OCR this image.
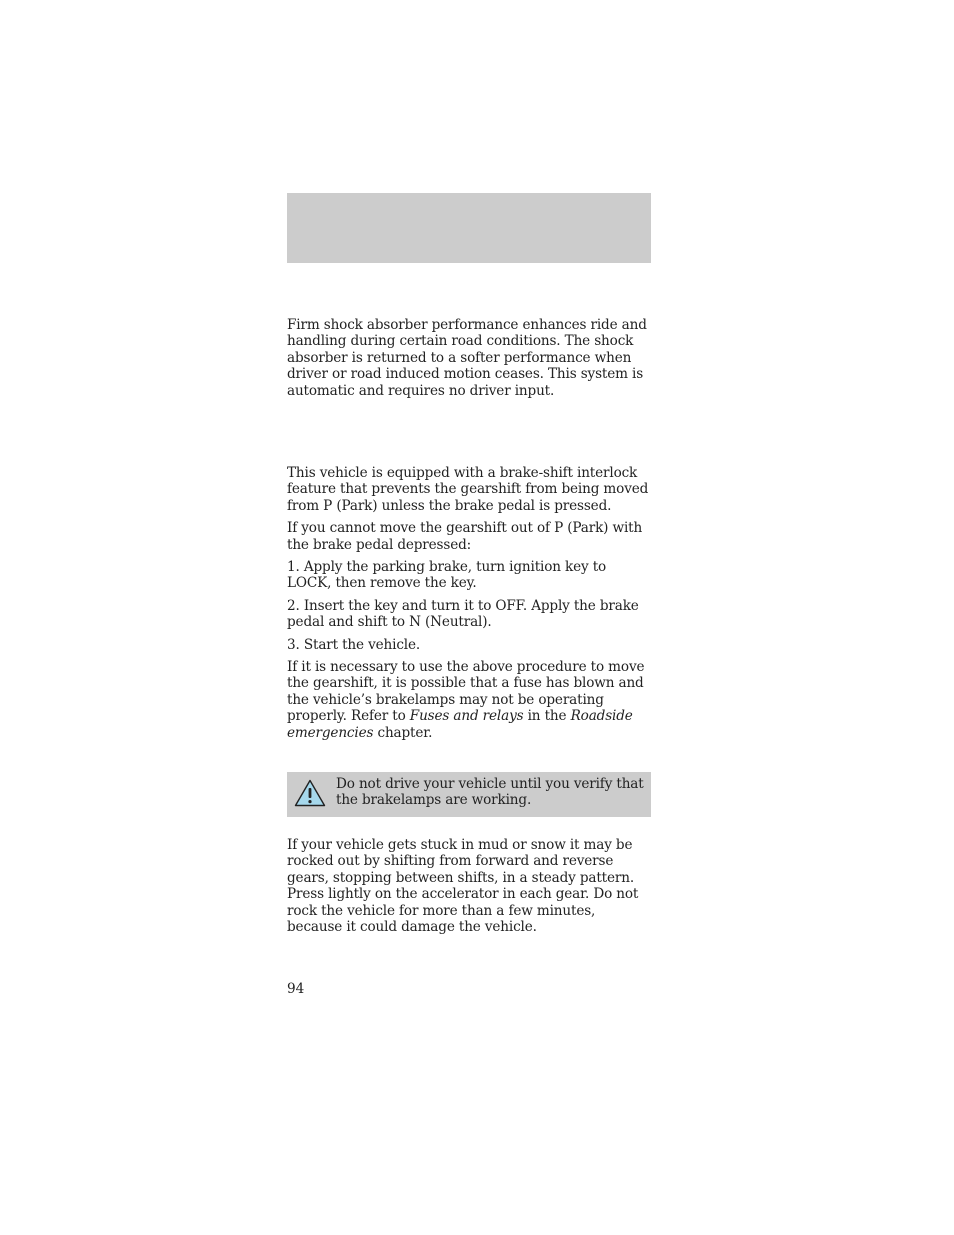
Firm shock absorber performance enhances ride and handling during certain road conditions. The shock absorber is returned to a softer performance when driver or road induced motion ceases. This system is automatic and requires no driver input.

This vehicle is equipped with a brake-shift interlock feature that prevents the gearshift from being moved from P (Park) unless the brake pedal is pressed.

If you cannot move the gearshift out of P (Park) with the brake pedal depressed:

1. Apply the parking brake, turn ignition key to LOCK, then remove the key.

2. Insert the key and turn it to OFF. Apply the brake pedal and shift to N (Neutral).

3. Start the vehicle.

If it is necessary to use the above procedure to move the gearshift, it is possible that a fuse has blown and the vehicle’s brakelamps may not be operating properly. Refer to Fuses and relays in the Roadside emergencies chapter.

Do not drive your vehicle until you verify that the brakelamps are working.

If your vehicle gets stuck in mud or snow it may be rocked out by shifting from forward and reverse gears, stopping between shifts, in a steady pattern. Press lightly on the accelerator in each gear. Do not rock the vehicle for more than a few minutes, because it could damage the vehicle.

94
